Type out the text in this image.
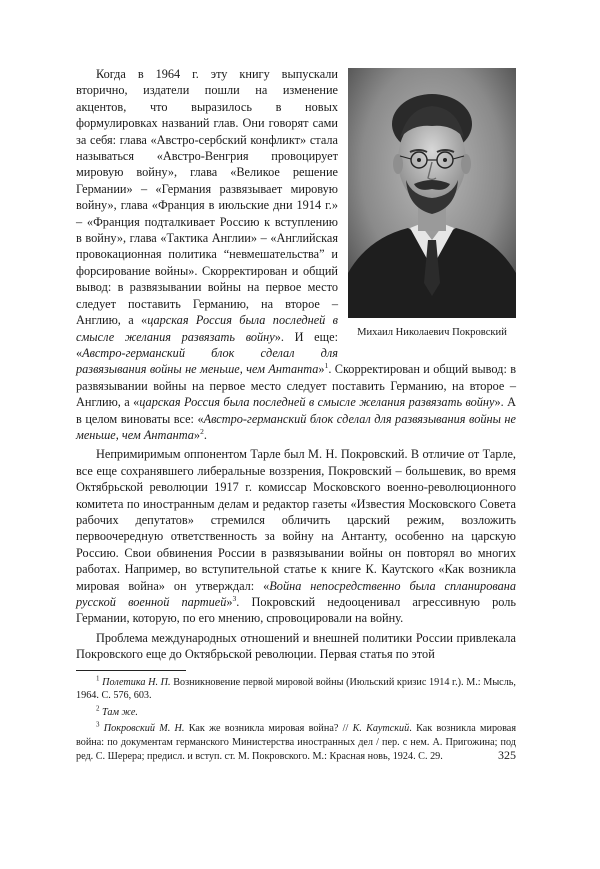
Михаил Николаевич Покровский

Когда в 1964 г. эту книгу выпускали вторично, издатели пошли на изменение акцентов, что выразилось в новых формулировках названий глав. Они говорят сами за себя: глава «Австро-сербский конфликт» стала называться «Австро-Венгрия провоцирует мировую войну», глава «Великое решение Германии» – «Германия развязывает мировую войну», глава «Франция в июльские дни 1914 г.» – «Франция подталкивает Россию к вступлению в войну», глава «Тактика Англии» – «Английская провокационная политика “невмешательства” и форсирование войны». Скорректирован и общий вывод: в развязывании войны на первое место следует поставить Германию, на второе – Англию, а «царская Россия была последней в смысле желания развязать войну». И еще: «Австро-германский блок сделал для развязывания войны не меньше, чем Антанта»$^1$. Скорректирован и общий вывод: в развязывании войны на первое место следует поставить Германию, на второе – Англию, а «царская Россия была последней в смысле желания развязать войну». А в целом виноваты все: «Австро-германский блок сделал для развязывания войны не меньше, чем Антанта»$^2$.

Непримиримым оппонентом Тарле был М. Н. Покровский. В отличие от Тарле, все еще сохранявшего либеральные воззрения, Покровский – большевик, во время Октябрьской революции 1917 г. комиссар Московского военно-революционного комитета по иностранным делам и редактор газеты «Известия Московского Совета рабочих депутатов» стремился обличить царский режим, возложить первоочередную ответственность за войну на Антанту, особенно на царскую Россию. Свои обвинения России в развязывании войны он повторял во многих работах. Например, во вступительной статье к книге К. Каутского «Как возникла мировая война» он утверждал: «Война непосредственно была спланирована русской военной партией»$^3$. Покровский недооценивал агрессивную роль Германии, которую, по его мнению, спровоцировали на войну.

Проблема международных отношений и внешней политики России привлекала Покровского еще до Октябрьской революции. Первая статья по этой

$^1$ Полетика Н. П. Возникновение первой мировой войны (Июльский кризис 1914 г.). М.: Мысль, 1964. С. 576, 603.

$^2$ Там же.

$^3$ Покровский М. Н. Как же возникла мировая война? // К. Каутский. Как возникла мировая война: по документам германского Министерства иностранных дел / пер. с нем. А. Пригожина; под ред. С. Шерера; предисл. и вступ. ст. М. Покровского. М.: Красная новь, 1924. С. 29.	325
